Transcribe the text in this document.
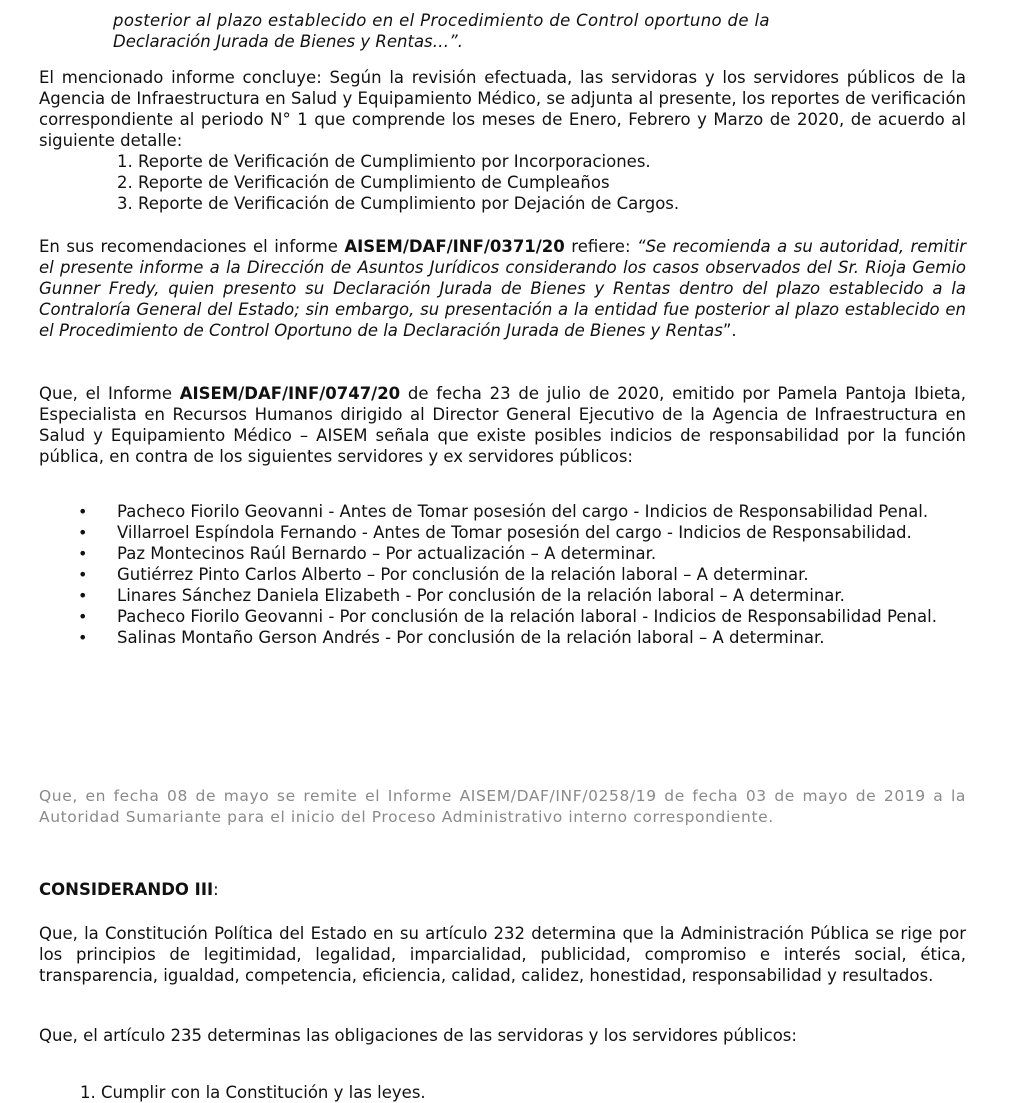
posterior al plazo establecido en el Procedimiento de Control oportuno de la

Declaración Jurada de Bienes y Rentas…”.

El mencionado informe concluye: Según la revisión efectuada, las servidoras y los servidores públicos de la Agencia de Infraestructura en Salud y Equipamiento Médico, se adjunta al presente, los reportes de verificación correspondiente al periodo N° 1 que comprende los meses de Enero, Febrero y Marzo de 2020, de acuerdo al siguiente detalle:

1. Reporte de Verificación de Cumplimiento por Incorporaciones.
2. Reporte de Verificación de Cumplimiento de Cumpleaños
3. Reporte de Verificación de Cumplimiento por Dejación de Cargos.

En sus recomendaciones el informe AISEM/DAF/INF/0371/20 refiere: “Se recomienda a su autoridad, remitir el presente informe a la Dirección de Asuntos Jurídicos considerando los casos observados del Sr. Rioja Gemio Gunner Fredy, quien presento su Declaración Jurada de Bienes y Rentas dentro del plazo establecido a la Contraloría General del Estado; sin embargo, su presentación a la entidad fue posterior al plazo establecido en el Procedimiento de Control Oportuno de la Declaración Jurada de Bienes y Rentas”.

Que, el Informe AISEM/DAF/INF/0747/20 de fecha 23 de julio de 2020, emitido por Pamela Pantoja Ibieta, Especialista en Recursos Humanos dirigido al Director General Ejecutivo de la Agencia de Infraestructura en Salud y Equipamiento Médico – AISEM señala que existe posibles indicios de responsabilidad por la función pública, en contra de los siguientes servidores y ex servidores públicos:

• Pacheco Fiorilo Geovanni - Antes de Tomar posesión del cargo - Indicios de Responsabilidad Penal.
• Villarroel Espíndola Fernando - Antes de Tomar posesión del cargo - Indicios de Responsabilidad.
• Paz Montecinos Raúl Bernardo – Por actualización – A determinar.
• Gutiérrez Pinto Carlos Alberto – Por conclusión de la relación laboral – A determinar.
• Linares Sánchez Daniela Elizabeth - Por conclusión de la relación laboral – A determinar.
• Pacheco Fiorilo Geovanni - Por conclusión de la relación laboral - Indicios de Responsabilidad Penal.
• Salinas Montaño Gerson Andrés - Por conclusión de la relación laboral – A determinar.

Que, en fecha 08 de mayo se remite el Informe AISEM/DAF/INF/0258/19 de fecha 03 de mayo de 2019 a la Autoridad Sumariante para el inicio del Proceso Administrativo interno correspondiente.

CONSIDERANDO III:

Que, la Constitución Política del Estado en su artículo 232 determina que la Administración Pública se rige por los principios de legitimidad, legalidad, imparcialidad, publicidad, compromiso e interés social, ética, transparencia, igualdad, competencia, eficiencia, calidad, calidez, honestidad, responsabilidad y resultados.

Que, el artículo 235 determinas las obligaciones de las servidoras y los servidores públicos:

1. Cumplir con la Constitución y las leyes.
